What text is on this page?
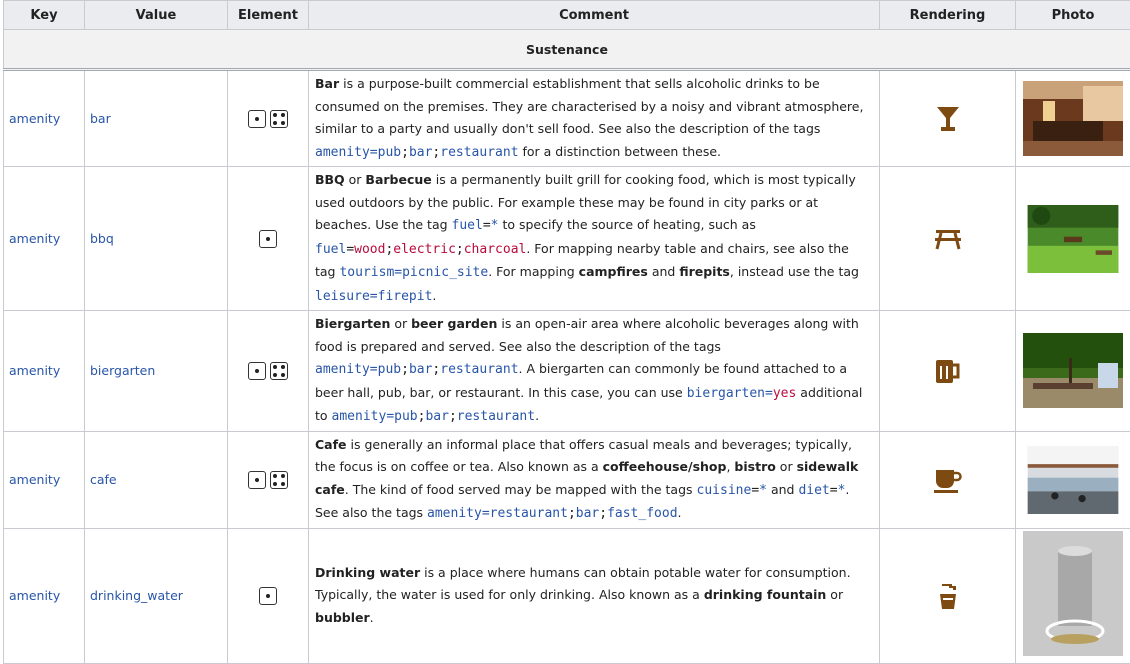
Key	Value	Element	Comment	Rendering	Photo
Sustenance					
amenity	bar		Bar is a purpose-built commercial establishment that sells alcoholic drinks to be consumed on the premises. They are characterised by a noisy and vibrant atmosphere, similar to a party and usually don't sell food. See also the description of the tags amenity=pub;bar;restaurant for a distinction between these.	

amenity	bbq		BBQ or Barbecue is a permanently built grill for cooking food, which is most typically used outdoors by the public. For example these may be found in city parks or at beaches. Use the tag fuel=* to specify the source of heating, such as fuel=wood;electric;charcoal. For mapping nearby table and chairs, see also the tag tourism=picnic_site. For mapping campfires and firepits, instead use the tag leisure=firepit.	

amenity	biergarten		Biergarten or beer garden is an open-air area where alcoholic beverages along with food is prepared and served. See also the description of the tags amenity=pub;bar;restaurant. A biergarten can commonly be found attached to a beer hall, pub, bar, or restaurant. In this case, you can use biergarten=yes additional to amenity=pub;bar;restaurant.	

amenity	cafe		Cafe is generally an informal place that offers casual meals and beverages; typically, the focus is on coffee or tea. Also known as a coffeehouse/shop, bistro or sidewalk cafe. The kind of food served may be mapped with the tags cuisine=* and diet=*. See also the tags amenity=restaurant;bar;fast_food.	

amenity	drinking_water		Drinking water is a place where humans can obtain potable water for consumption. Typically, the water is used for only drinking. Also known as a drinking fountain or bubbler.	
